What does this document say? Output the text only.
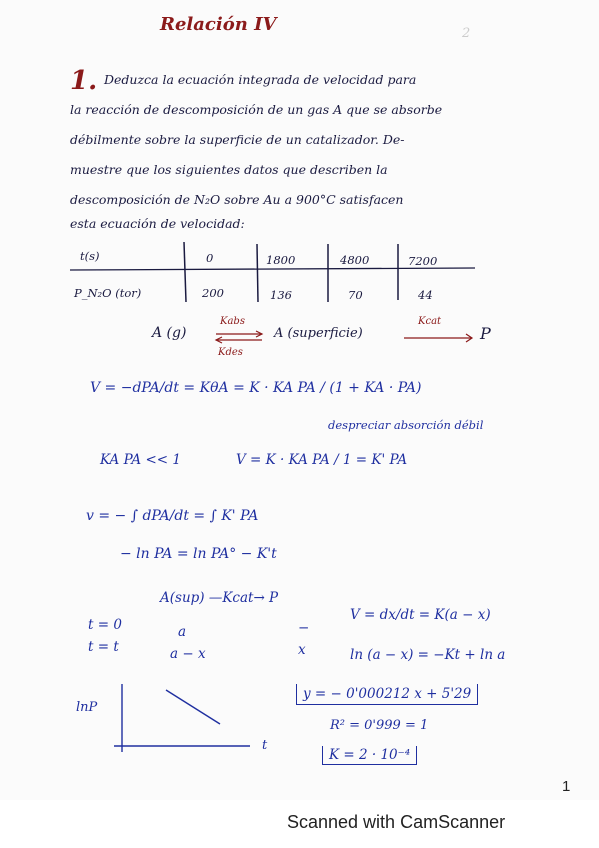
2
Relación IV
1. Deduzca la ecuación integrada de velocidad para
la reacción de descomposición de un gas A que se absorbe
débilmente sobre la superficie de un catalizador. De-
muestre que los siguientes datos que describen la
descomposición de N₂O sobre Au a 900°C satisfacen
esta ecuación de velocidad:
t(s)
P_N₂O (tor)
0
200
1800
136
4800
70
7200
44
A (g)
Kabs
Kdes
A (superficie)
Kcat
P
V = −dPA/dt = KθA = K · KA PA / (1 + KA · PA)
despreciar absorción débil
KA PA << 1	V = K · KA PA / 1 = K' PA
v = − ∫ dPA/dt = ∫ K' PA
− ln PA = ln PA° − K't
A(sup) —Kcat→ P
t = 0
t = t
a
a − x
−
x
V = dx/dt = K(a − x)
ln (a − x) = −Kt + ln a
lnP
t
y = − 0'000212 x + 5'29
R² = 0'999 = 1
K = 2 · 10⁻⁴
1
Scanned with CamScanner
